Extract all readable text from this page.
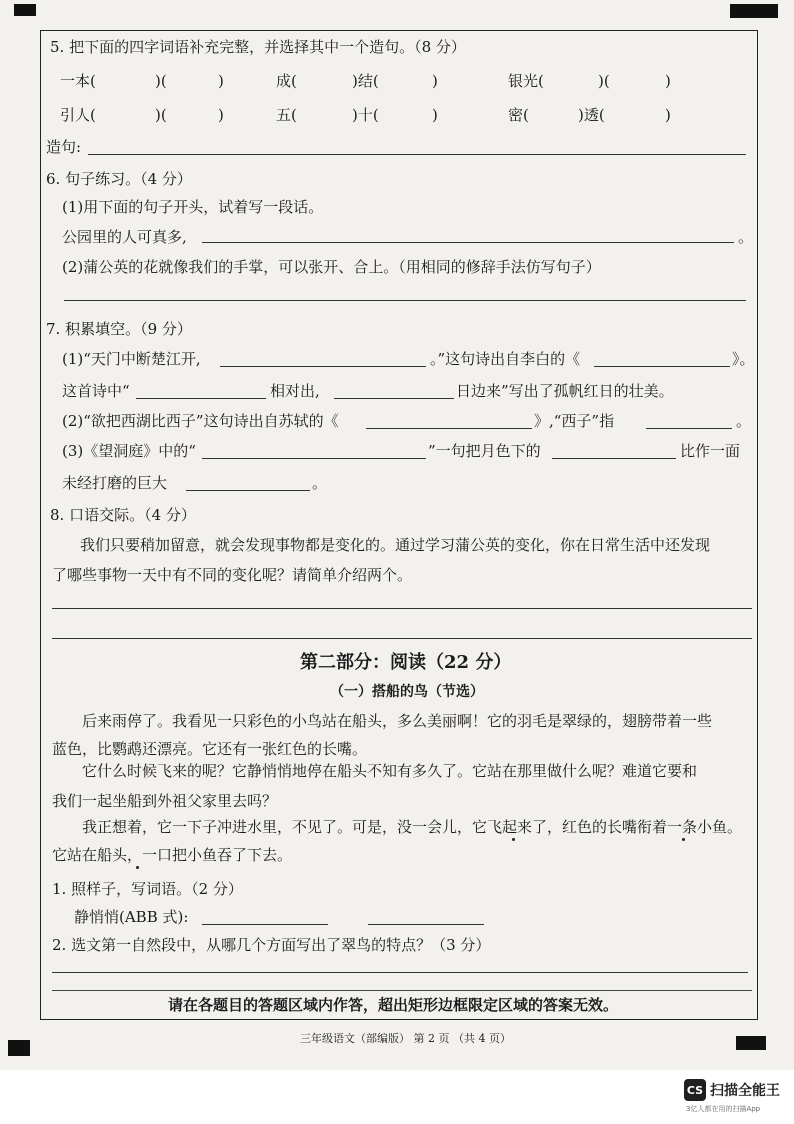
5. 把下面的四字词语补充完整，并选择其中一个造句。（8 分）
一本(	)(	)	成(	)结(	)	银光(	)(	)
引人(	)(	)	五(	)十(	)	密(	)透(	)
造句:
6. 句子练习。（4 分）
(1)用下面的句子开头，试着写一段话。
公园里的人可真多,	。
(2)蒲公英的花就像我们的手掌，可以张开、合上。（用相同的修辞手法仿写句子）
7. 积累填空。（9 分）
(1)“天门中断楚江开,	。”这句诗出自李白的《	》。
这首诗中“	相对出,	日边来”写出了孤帆红日的壮美。
(2)“欲把西湖比西子”这句诗出自苏轼的《	》,“西子”指	。
(3)《望洞庭》中的“	”一句把月色下的	比作一面
未经打磨的巨大	。
8. 口语交际。（4 分）
我们只要稍加留意，就会发现事物都是变化的。通过学习蒲公英的变化，你在日常生活中还发现
了哪些事物一天中有不同的变化呢？请简单介绍两个。
第二部分：阅读（22 分）
（一）搭船的鸟（节选）
后来雨停了。我看见一只彩色的小鸟站在船头，多么美丽啊！它的羽毛是翠绿的，翅膀带着一些
蓝色，比鹦鹉还漂亮。它还有一张红色的长嘴。
它什么时候飞来的呢？它静悄悄地停在船头不知有多久了。它站在那里做什么呢？难道它要和
我们一起坐船到外祖父家里去吗？
我正想着，它一下子冲进水里，不见了。可是，没一会儿，它飞起来了，红色的长嘴衔着一条小鱼。
它站在船头，一口把小鱼吞了下去。
1. 照样子，写词语。（2 分）
静悄悄(ABB 式):
2. 选文第一自然段中，从哪几个方面写出了翠鸟的特点？（3 分）
请在各题目的答题区域内作答，超出矩形边框限定区域的答案无效。
三年级语文（部编版） 第 2 页 （共 4 页）
CS 扫描全能王
3亿人都在用的扫描App
